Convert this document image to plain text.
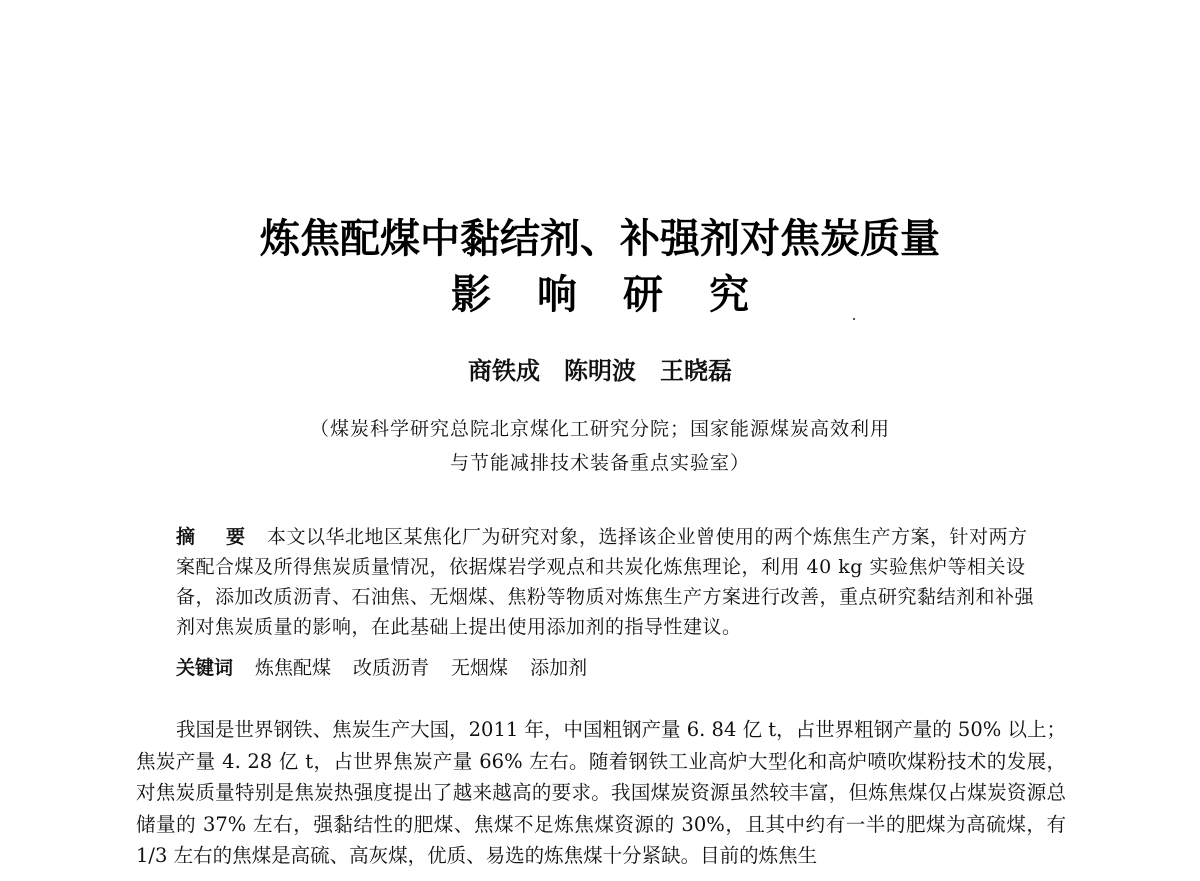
炼焦配煤中黏结剂、补强剂对焦炭质量
影响研究
商铁成　陈明波　王晓磊
（煤炭科学研究总院北京煤化工研究分院；国家能源煤炭高效利用
与节能减排技术装备重点实验室）
摘　要 本文以华北地区某焦化厂为研究对象，选择该企业曾使用的两个炼焦生产方案，针对两方案配合煤及所得焦炭质量情况，依据煤岩学观点和共炭化炼焦理论，利用 40 kg 实验焦炉等相关设备，添加改质沥青、石油焦、无烟煤、焦粉等物质对炼焦生产方案进行改善，重点研究黏结剂和补强剂对焦炭质量的影响，在此基础上提出使用添加剂的指导性建议。
关键词 炼焦配煤 改质沥青 无烟煤 添加剂
我国是世界钢铁、焦炭生产大国，2011 年，中国粗钢产量 6. 84 亿 t，占世界粗钢产量的 50% 以上；焦炭产量 4. 28 亿 t，占世界焦炭产量 66% 左右。随着钢铁工业高炉大型化和高炉喷吹煤粉技术的发展，对焦炭质量特别是焦炭热强度提出了越来越高的要求。我国煤炭资源虽然较丰富，但炼焦煤仅占煤炭资源总储量的 37% 左右，强黏结性的肥煤、焦煤不足炼焦煤资源的 30%，且其中约有一半的肥煤为高硫煤，有 1/3 左右的焦煤是高硫、高灰煤，优质、易选的炼焦煤十分紧缺。目前的炼焦生
